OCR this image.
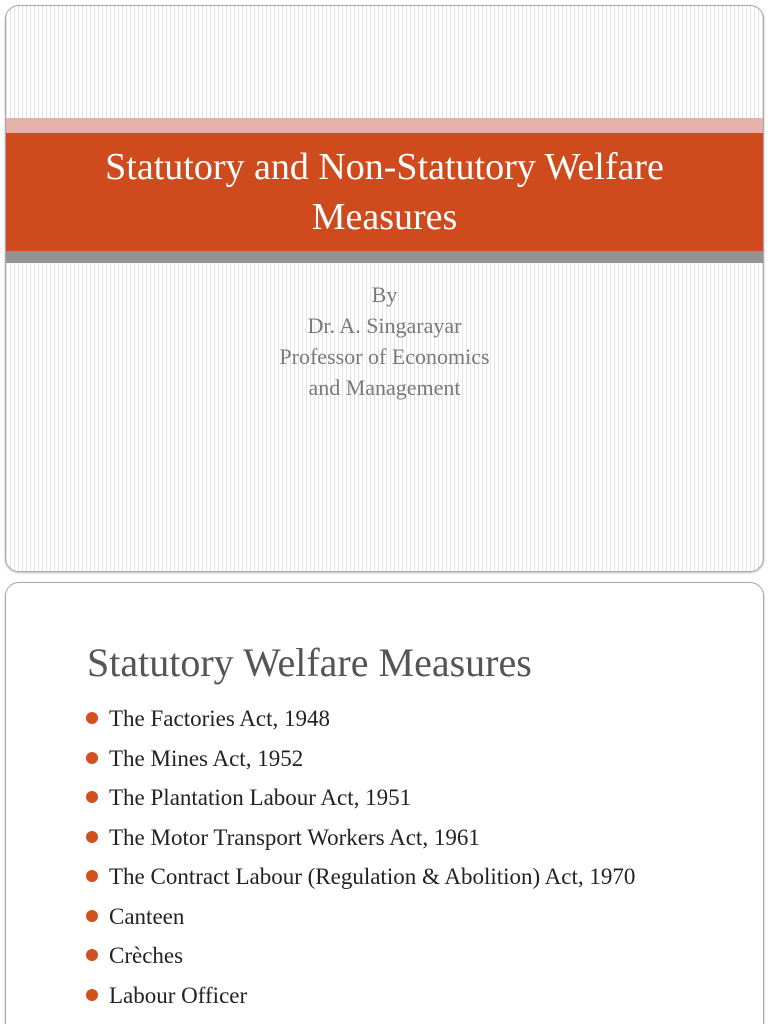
Statutory and Non-Statutory Welfare Measures
By
Dr. A. Singarayar
Professor of Economics
and Management
Statutory Welfare Measures
The Factories Act, 1948
The Mines Act, 1952
The Plantation Labour Act, 1951
The Motor Transport Workers Act, 1961
The Contract Labour (Regulation & Abolition) Act, 1970
Canteen
Crèches
Labour Officer
